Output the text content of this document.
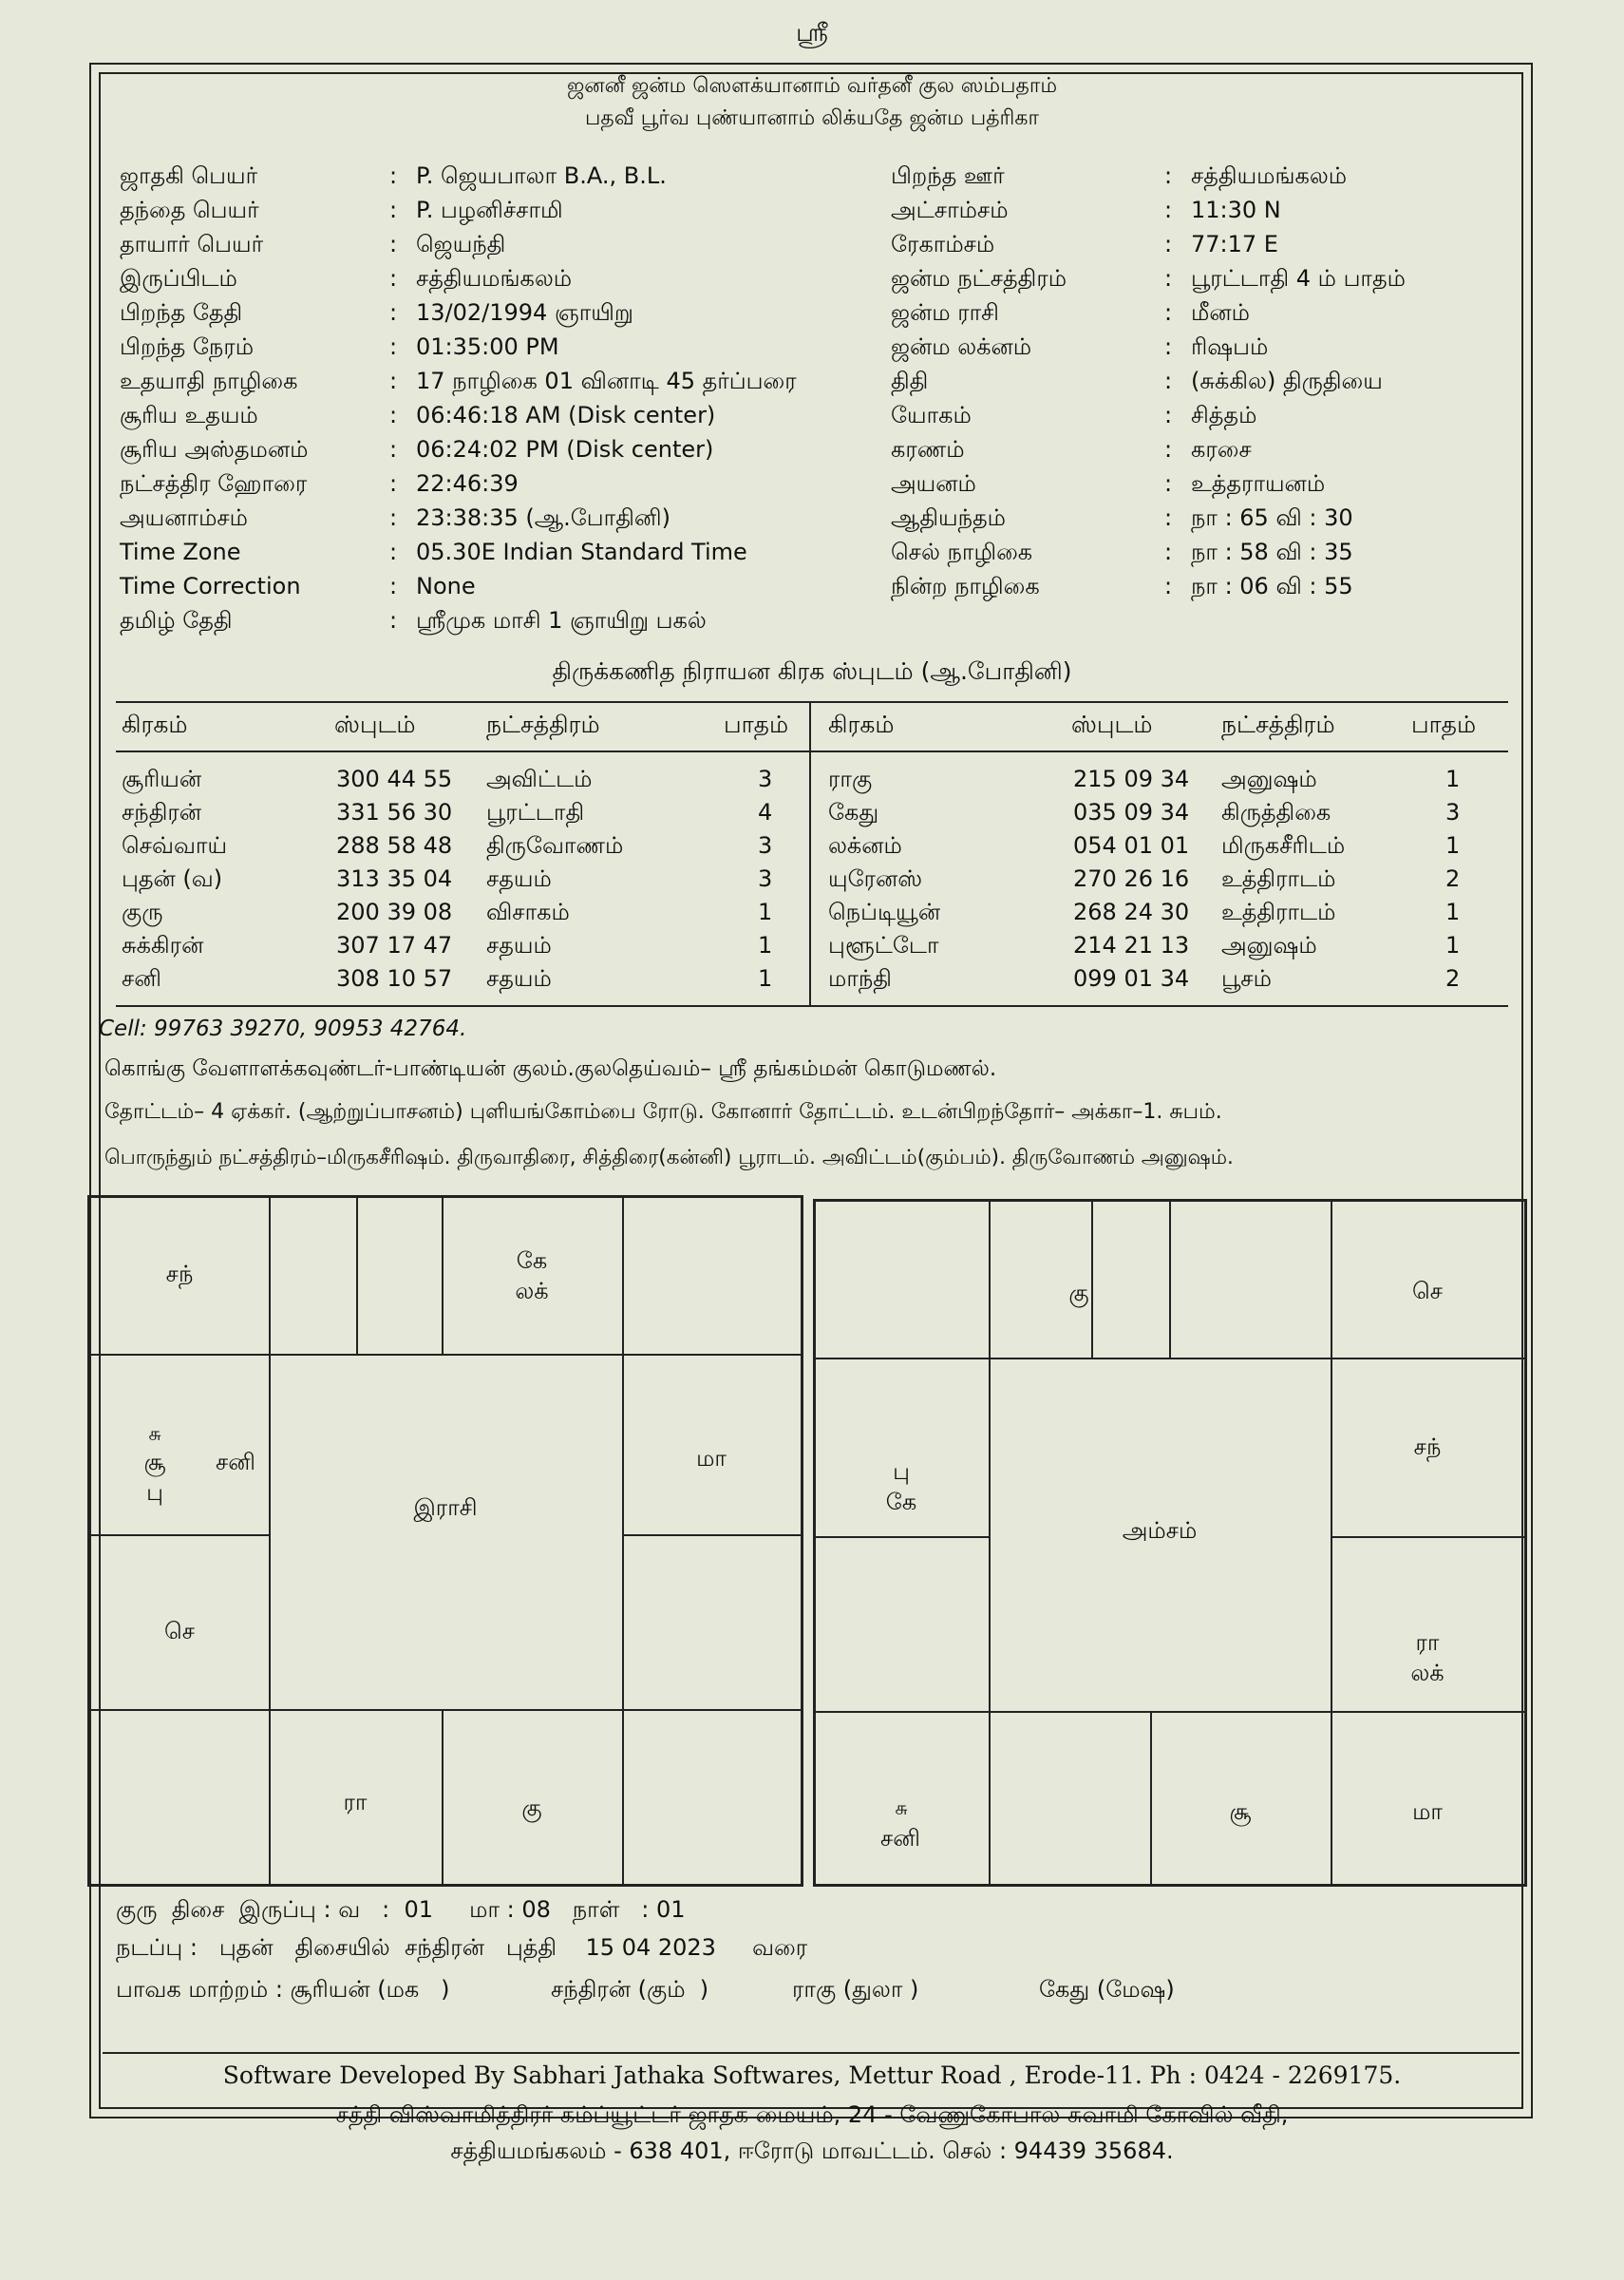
ஸ்ரீ
ஜனனீ ஜன்ம ஸௌக்யானாம் வர்தனீ குல ஸம்பதாம்
பதவீ பூர்வ புண்யானாம் லிக்யதே ஜன்ம பத்ரிகா
ஜாதகி பெயர்	: P. ஜெயபாலா B.A., B.L.
தந்தை பெயர்	: P. பழனிச்சாமி
தாயார் பெயர்	: ஜெயந்தி
இருப்பிடம்	: சத்தியமங்கலம்
பிறந்த தேதி	: 13/02/1994 ஞாயிறு
பிறந்த நேரம்	: 01:35:00 PM
உதயாதி நாழிகை	: 17 நாழிகை 01 வினாடி 45 தர்ப்பரை
சூரிய உதயம்	: 06:46:18 AM (Disk center)
சூரிய அஸ்தமனம்	: 06:24:02 PM (Disk center)
நட்சத்திர ஹோரை	: 22:46:39
அயனாம்சம்	: 23:38:35 (ஆ.போதினி)
Time Zone	: 05.30E Indian Standard Time
Time Correction	: None
தமிழ் தேதி	: ஸ்ரீமுக மாசி 1 ஞாயிறு பகல்
பிறந்த ஊர்	: சத்தியமங்கலம்
அட்சாம்சம்	: 11:30 N
ரேகாம்சம்	: 77:17 E
ஜன்ம நட்சத்திரம்	: பூரட்டாதி 4 ம் பாதம்
ஜன்ம ராசி	: மீனம்
ஜன்ம லக்னம்	: ரிஷபம்
திதி	: (சுக்கில) திருதியை
யோகம்	: சித்தம்
கரணம்	: கரசை
அயனம்	: உத்தராயனம்
ஆதியந்தம்	: நா : 65 வி : 30
செல் நாழிகை	: நா : 58 வி : 35
நின்ற நாழிகை	: நா : 06 வி : 55
திருக்கணித நிராயன கிரக ஸ்புடம் (ஆ.போதினி)
கிரகம்	ஸ்புடம்	நட்சத்திரம்	பாதம்
சூரியன்	300 44 55 அவிட்டம்	3
சந்திரன்	331 56 30 பூரட்டாதி	4
செவ்வாய்	288 58 48 திருவோணம்	3
புதன் (வ)	313 35 04 சதயம்	3
குரு	200 39 08 விசாகம்	1
சுக்கிரன்	307 17 47 சதயம்	1
சனி	308 10 57 சதயம்	1
கிரகம்	ஸ்புடம்	நட்சத்திரம்	பாதம்
ராகு	215 09 34 அனுஷம்	1
கேது	035 09 34 கிருத்திகை	3
லக்னம்	054 01 01 மிருகசீரிடம்	1
யுரேனஸ்	270 26 16 உத்திராடம்	2
நெப்டியூன்	268 24 30 உத்திராடம்	1
புளூட்டோ	214 21 13 அனுஷம்	1
மாந்தி	099 01 34 பூசம்	2
Cell: 99763 39270, 90953 42764.
கொங்கு வேளாளக்கவுண்டர்-பாண்டியன் குலம்.குலதெய்வம்– ஸ்ரீ தங்கம்மன் கொடுமணல்.
தோட்டம்– 4 ஏக்கர். (ஆற்றுப்பாசனம்) புளியங்கோம்பை ரோடு. கோனார் தோட்டம். உடன்பிறந்தோர்– அக்கா–1. சுபம்.
பொருந்தும் நட்சத்திரம்–மிருகசீரிஷம். திருவாதிரை, சித்திரை(கன்னி) பூராடம். அவிட்டம்(கும்பம்). திருவோணம் அனுஷம்.
இராசி
சந்	கே
லக்
சு
சனி
சூ
பு
மா
செ
ரா	கு
அம்சம்
கு	செ
பு
கே
சந்
ரா
லக்
சு
சனி
சூ	மா
குரு  திசை  இருப்பு : வ   :  01     மா : 08   நாள்   : 01
நடப்பு :   புதன்   திசையில்  சந்திரன்   புத்தி    15 04 2023     வரை
பாவக மாற்றம் : சூரியன் (மக   )	சந்திரன் (கும்  )	ராகு (துலா )	கேது (மேஷ)
Software Developed By Sabhari Jathaka Softwares, Mettur Road , Erode-11. Ph : 0424 - 2269175.
சத்தி விஸ்வாமித்திரர் கம்ப்யூட்டர் ஜாதக மையம், 24 - வேணுகோபால சுவாமி கோவில் வீதி,
சத்தியமங்கலம் - 638 401, ஈரோடு மாவட்டம். செல் : 94439 35684.
